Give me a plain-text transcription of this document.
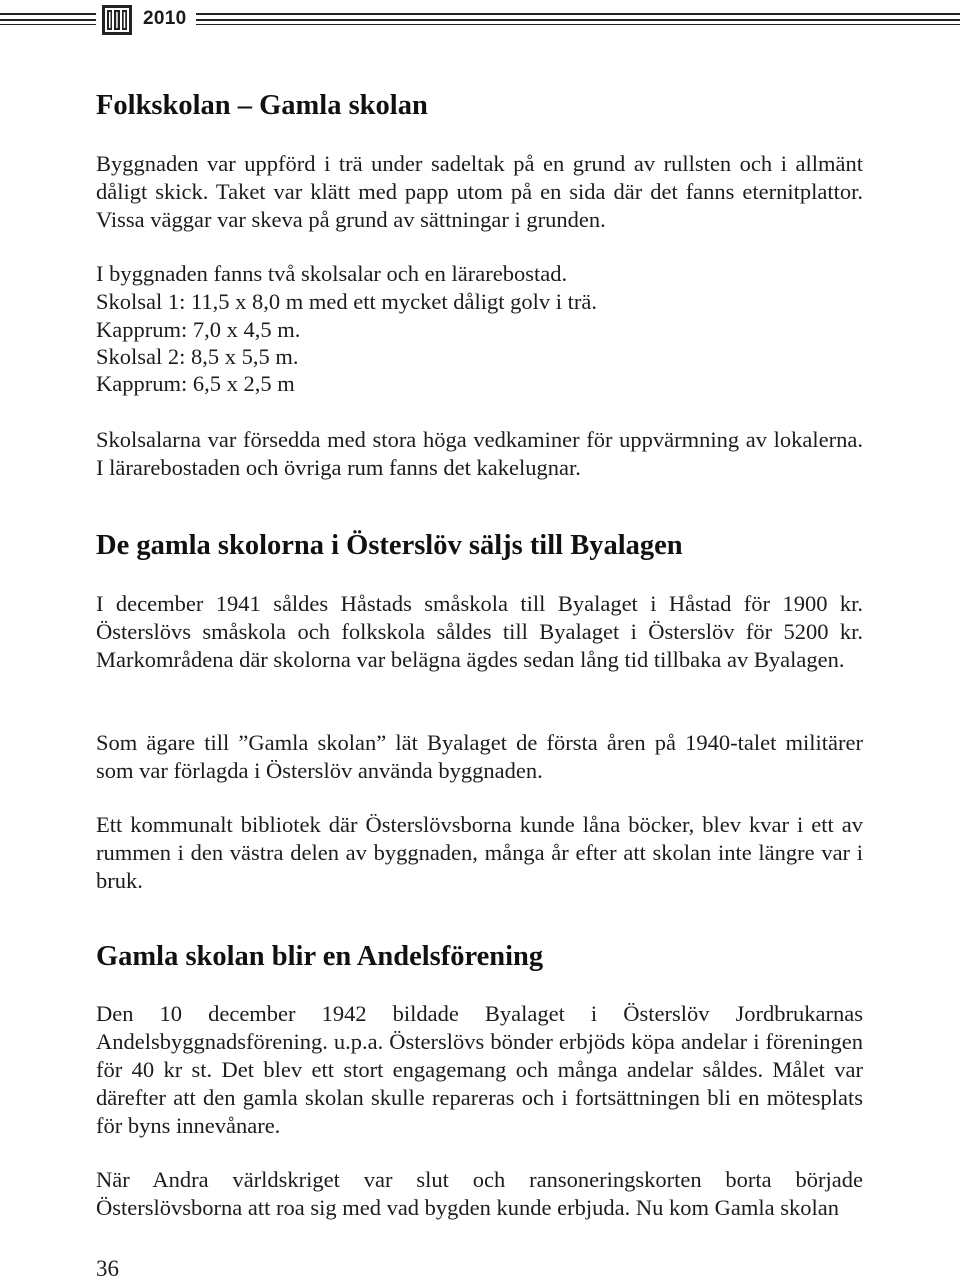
2010
Folkskolan – Gamla skolan

Byggnaden var uppförd i trä under sadeltak på en grund av rullsten och i allmänt dåligt skick. Taket var klätt med papp utom på en sida där det fanns eternitplattor. Vissa väggar var skeva på grund av sättningar i grunden.

I byggnaden fanns två skolsalar och en lärarebostad.

Skolsal 1: 11,5 x 8,0 m med ett mycket dåligt golv i trä.

Kapprum: 7,0 x 4,5 m.

Skolsal 2: 8,5 x 5,5 m.

Kapprum: 6,5 x 2,5 m

Skolsalarna var försedda med stora höga vedkaminer för uppvärmning av lokalerna. I lärarebostaden och övriga rum fanns det kakelugnar.

De gamla skolorna i Österslöv säljs till Byalagen

I december 1941 såldes Håstads småskola till Byalaget i Håstad för 1900 kr. Österslövs småskola och folkskola såldes till Byalaget i Österslöv för 5200 kr. Markområdena där skolorna var belägna ägdes sedan lång tid tillbaka av Byalagen.

Som ägare till ”Gamla skolan” lät Byalaget de första åren på 1940-talet militärer som var förlagda i Österslöv använda byggnaden.

Ett kommunalt bibliotek där Österslövsborna kunde låna böcker, blev kvar i ett av rummen i den västra delen av byggnaden, många år efter att skolan inte längre var i bruk.

Gamla skolan blir en Andelsförening

Den 10 december 1942 bildade Byalaget i Österslöv Jordbrukarnas Andelsbyggnadsförening. u.p.a. Österslövs bönder erbjöds köpa andelar i föreningen för 40 kr st. Det blev ett stort engagemang och många andelar såldes. Målet var därefter att den gamla skolan skulle repareras och i fortsättningen bli en mötesplats för byns innevånare.

När Andra världskriget var slut och ransoneringskorten borta började Österslövsborna att roa sig med vad bygden kunde erbjuda. Nu kom Gamla skolan

36
